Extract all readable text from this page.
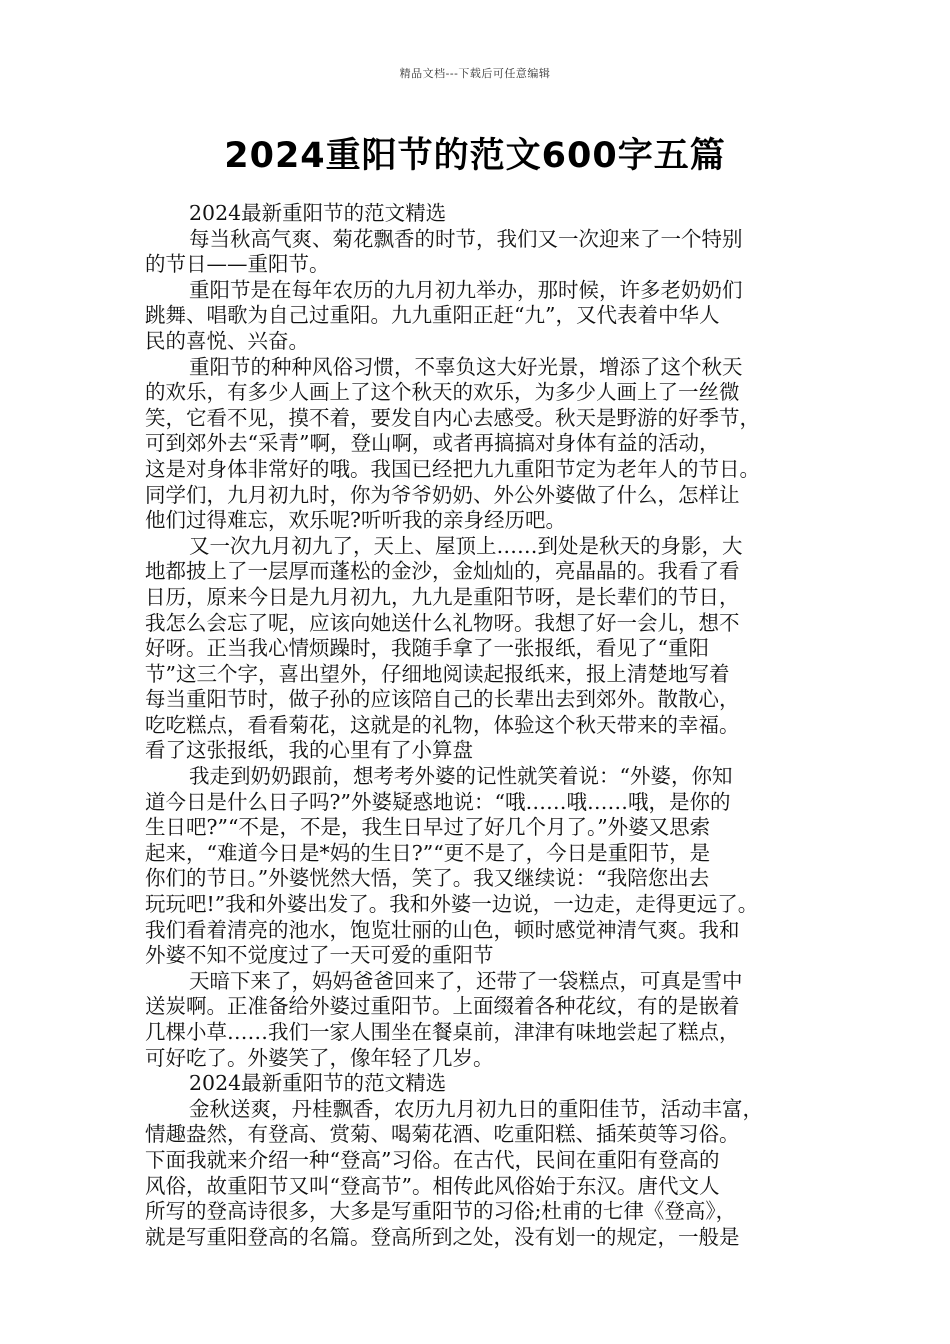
精品文档---下载后可任意编辑
2024重阳节的范文600字五篇
2024最新重阳节的范文精选
每当秋高气爽、菊花飘香的时节，我们又一次迎来了一个特别
的节日——重阳节。
重阳节是在每年农历的九月初九举办，那时候，许多老奶奶们
跳舞、唱歌为自己过重阳。九九重阳正赶“九”，又代表着中华人
民的喜悦、兴奋。
重阳节的种种风俗习惯，不辜负这大好光景，增添了这个秋天
的欢乐，有多少人画上了这个秋天的欢乐，为多少人画上了一丝微
笑，它看不见，摸不着，要发自内心去感受。秋天是野游的好季节，
可到郊外去“采青”啊，登山啊，或者再搞搞对身体有益的活动，
这是对身体非常好的哦。我国已经把九九重阳节定为老年人的节日。
同学们，九月初九时，你为爷爷奶奶、外公外婆做了什么，怎样让
他们过得难忘，欢乐呢?听听我的亲身经历吧。
又一次九月初九了，天上、屋顶上……到处是秋天的身影，大
地都披上了一层厚而蓬松的金沙，金灿灿的，亮晶晶的。我看了看
日历，原来今日是九月初九，九九是重阳节呀，是长辈们的节日，
我怎么会忘了呢，应该向她送什么礼物呀。我想了好一会儿，想不
好呀。正当我心情烦躁时，我随手拿了一张报纸，看见了“重阳
节”这三个字，喜出望外，仔细地阅读起报纸来，报上清楚地写着
每当重阳节时，做子孙的应该陪自己的长辈出去到郊外。散散心，
吃吃糕点，看看菊花，这就是的礼物，体验这个秋天带来的幸福。
看了这张报纸，我的心里有了小算盘
我走到奶奶跟前，想考考外婆的记性就笑着说：“外婆，你知
道今日是什么日子吗?”外婆疑惑地说：“哦……哦……哦，是你的
生日吧?”“不是，不是，我生日早过了好几个月了。”外婆又思索
起来，“难道今日是*妈的生日?”“更不是了，今日是重阳节，是
你们的节日。”外婆恍然大悟，笑了。我又继续说：“我陪您出去
玩玩吧!”我和外婆出发了。我和外婆一边说，一边走，走得更远了。
我们看着清亮的池水，饱览壮丽的山色，顿时感觉神清气爽。我和
外婆不知不觉度过了一天可爱的重阳节
天暗下来了，妈妈爸爸回来了，还带了一袋糕点，可真是雪中
送炭啊。正准备给外婆过重阳节。上面缀着各种花纹，有的是嵌着
几棵小草……我们一家人围坐在餐桌前，津津有味地尝起了糕点，
可好吃了。外婆笑了，像年轻了几岁。
2024最新重阳节的范文精选
金秋送爽，丹桂飘香，农历九月初九日的重阳佳节，活动丰富，
情趣盎然，有登高、赏菊、喝菊花酒、吃重阳糕、插茱萸等习俗。
下面我就来介绍一种“登高”习俗。在古代，民间在重阳有登高的
风俗，故重阳节又叫“登高节”。相传此风俗始于东汉。唐代文人
所写的登高诗很多，大多是写重阳节的习俗;杜甫的七律《登高》，
就是写重阳登高的名篇。登高所到之处，没有划一的规定，一般是
